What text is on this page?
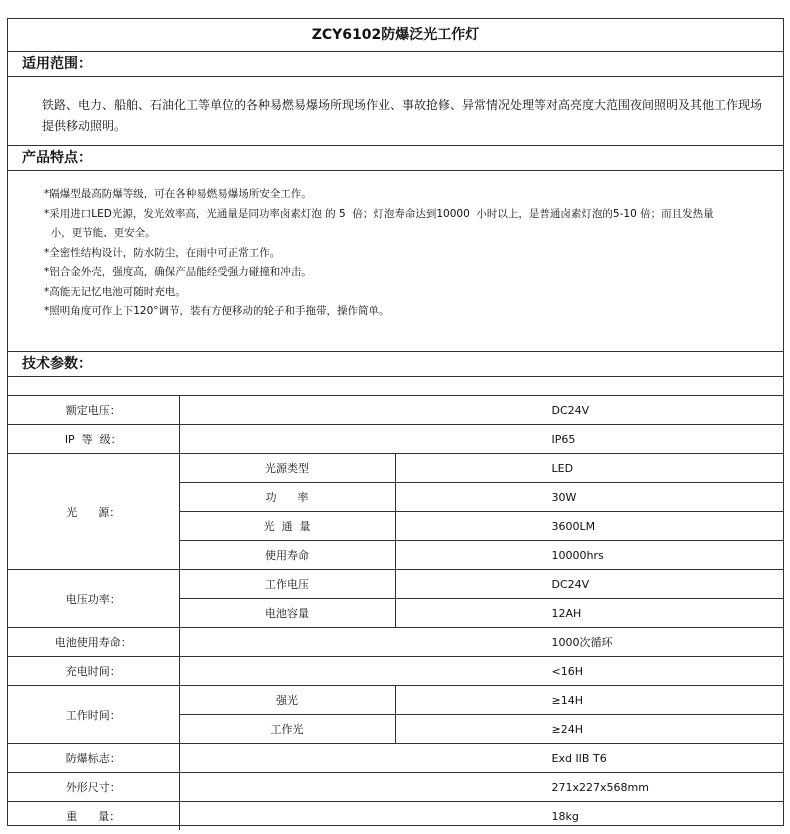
ZCY6102防爆泛光工作灯
适用范围：
铁路、电力、船舶、石油化工等单位的各种易燃易爆场所现场作业、事故抢修、异常情况处理等对高亮度大范围夜间照明及其他工作现场提供移动照明。
产品特点：
*隔爆型最高防爆等级，可在各种易燃易爆场所安全工作。
*采用进口LED光源，发光效率高，光通量是同功率卤素灯泡 的 5  倍；灯泡寿命达到10000  小时以上，是普通卤素灯泡的5-10 倍；而且发热量
小，更节能、更安全。
*全密性结构设计，防水防尘，在雨中可正常工作。
*铝合金外壳，强度高，确保产品能经受强力碰撞和冲击。
*高能无记忆电池可随时充电。
*照明角度可作上下120°调节，装有方便移动的轮子和手拖带，操作简单。
技术参数：
额定电压：	DC24V	
IP  等  级：	IP65	
光      源：	光源类型	LED
	功      率	30W
	光  通  量	3600LM
	使用寿命	10000hrs
电压功率：	工作电压	DC24V
	电池容量	12AH
电池使用寿命：	1000次循环	
充电时间：	<16H	
工作时间：	强光	≥14H
	工作光	≥24H
防爆标志：	Exd IIB T6	
外形尺寸：	271x227x568mm	
重      量：	18kg	
